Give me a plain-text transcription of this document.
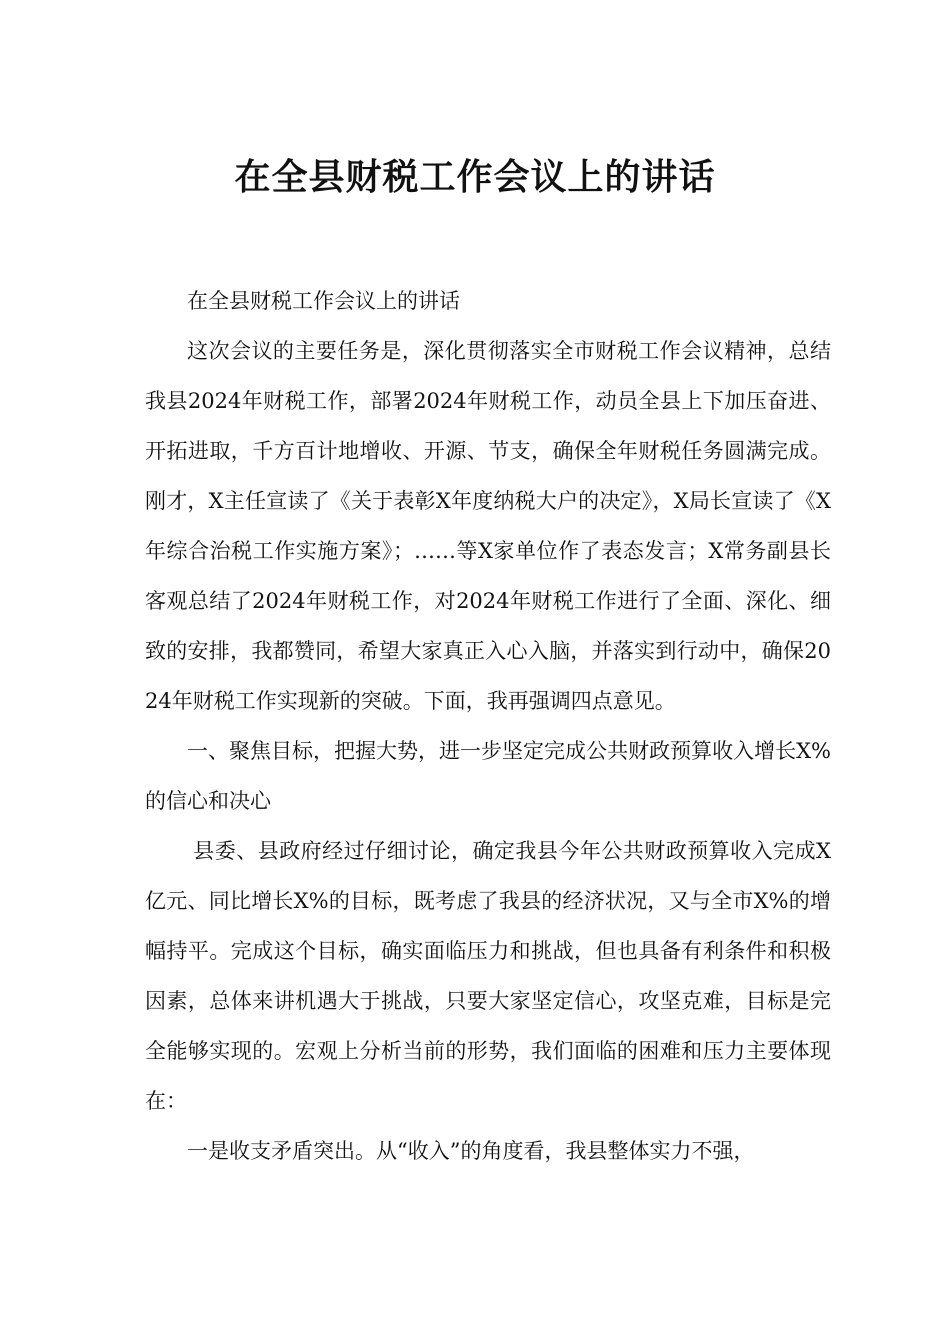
在全县财税工作会议上的讲话

在全县财税工作会议上的讲话

这次会议的主要任务是，深化贯彻落实全市财税工作会议精神，总结我县2024年财税工作，部署2024年财税工作，动员全县上下加压奋进、开拓进取，千方百计地增收、开源、节支，确保全年财税任务圆满完成。刚才，X主任宣读了《关于表彰X年度纳税大户的决定》，X局长宣读了《X年综合治税工作实施方案》；……等X家单位作了表态发言；X常务副县长客观总结了2024年财税工作，对2024年财税工作进行了全面、深化、细致的安排，我都赞同，希望大家真正入心入脑，并落实到行动中，确保2024年财税工作实现新的突破。下面，我再强调四点意见。

一、聚焦目标，把握大势，进一步坚定完成公共财政预算收入增长X%的信心和决心

县委、县政府经过仔细讨论，确定我县今年公共财政预算收入完成X亿元、同比增长X%的目标，既考虑了我县的经济状况，又与全市X%的增幅持平。完成这个目标，确实面临压力和挑战，但也具备有利条件和积极因素，总体来讲机遇大于挑战，只要大家坚定信心，攻坚克难，目标是完全能够实现的。宏观上分析当前的形势，我们面临的困难和压力主要体现在：

一是收支矛盾突出。从“收入”的角度看，我县整体实力不强，
